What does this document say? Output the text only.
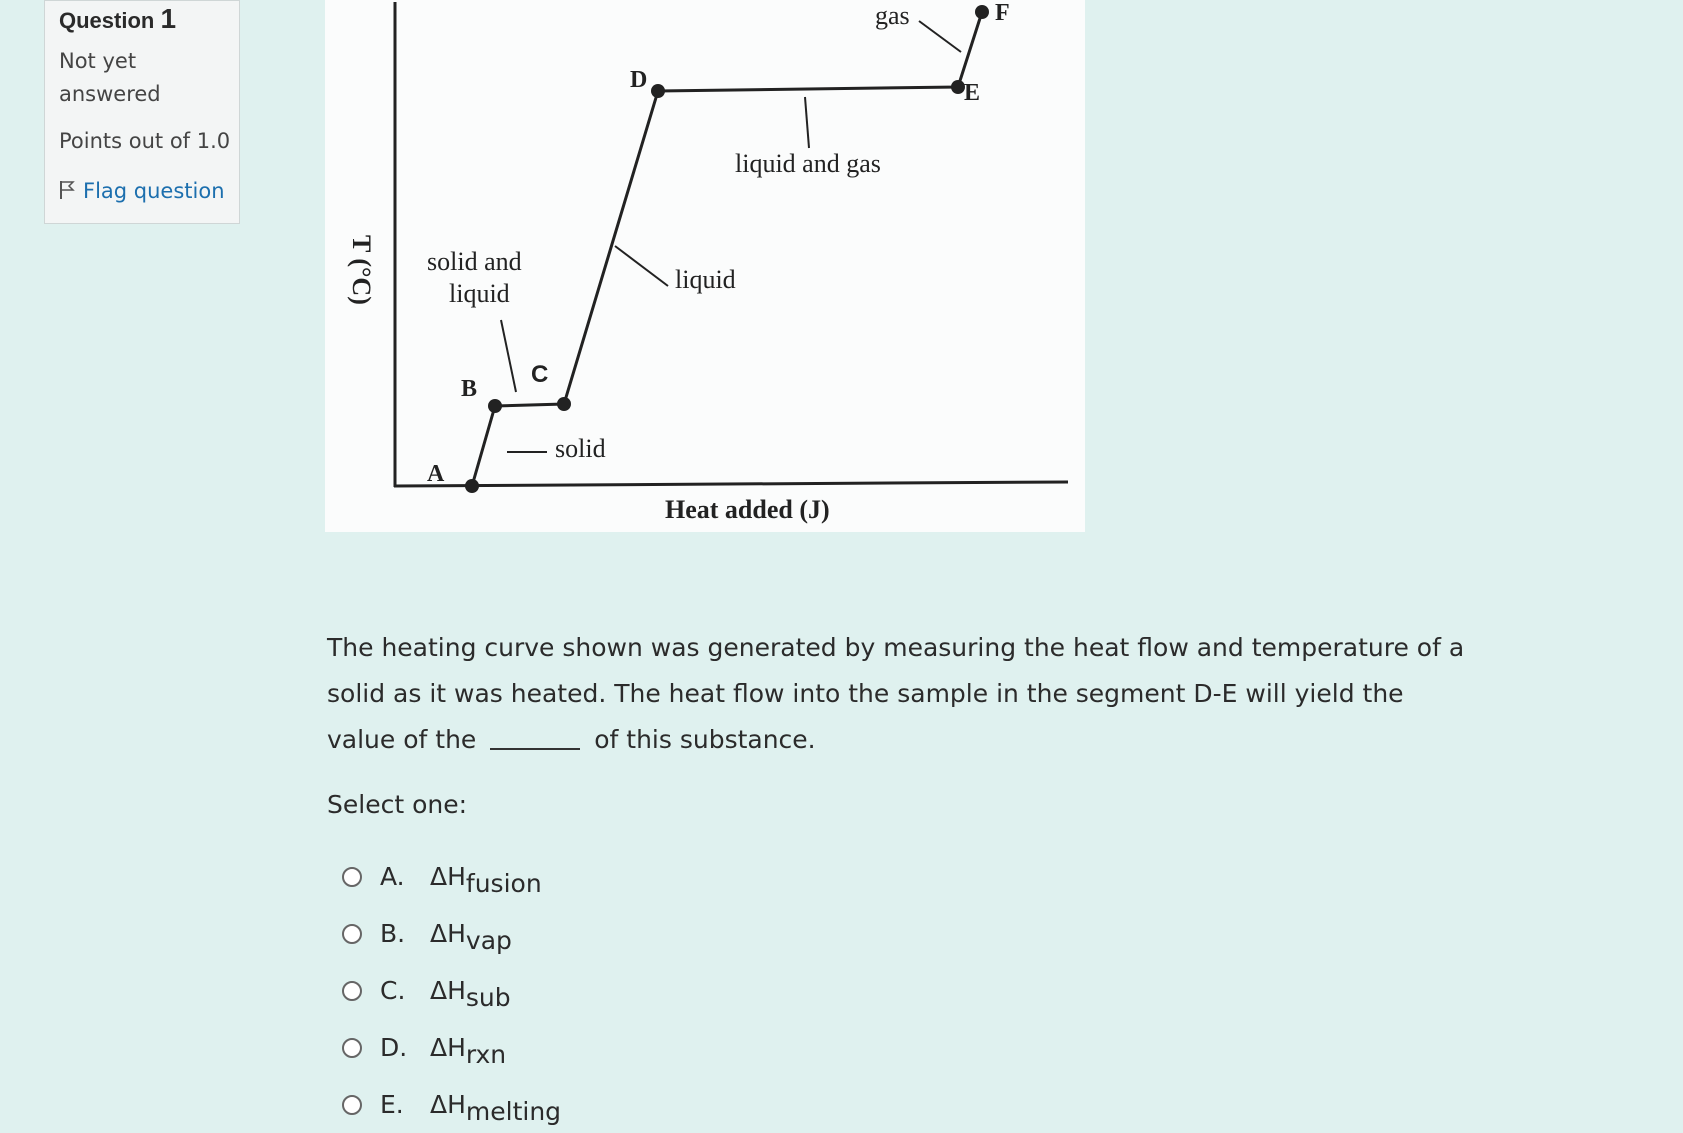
Question 1
Not yet answered
Points out of 1.0
Flag question
T (°C)
A
B
C
D	E
F
solid
solid and
liquid	liquid
liquid and gas
gas
Heat added (J)
The heating curve shown was generated by measuring the heat flow and temperature of a solid as it was heated. The heat flow into the sample in the segment D-E will yield the value of the	of this substance.
Select one:
A.	ΔH fusion
B. ΔH vap
C. ΔH sub
D. ΔH rxn
E.	ΔH melting
